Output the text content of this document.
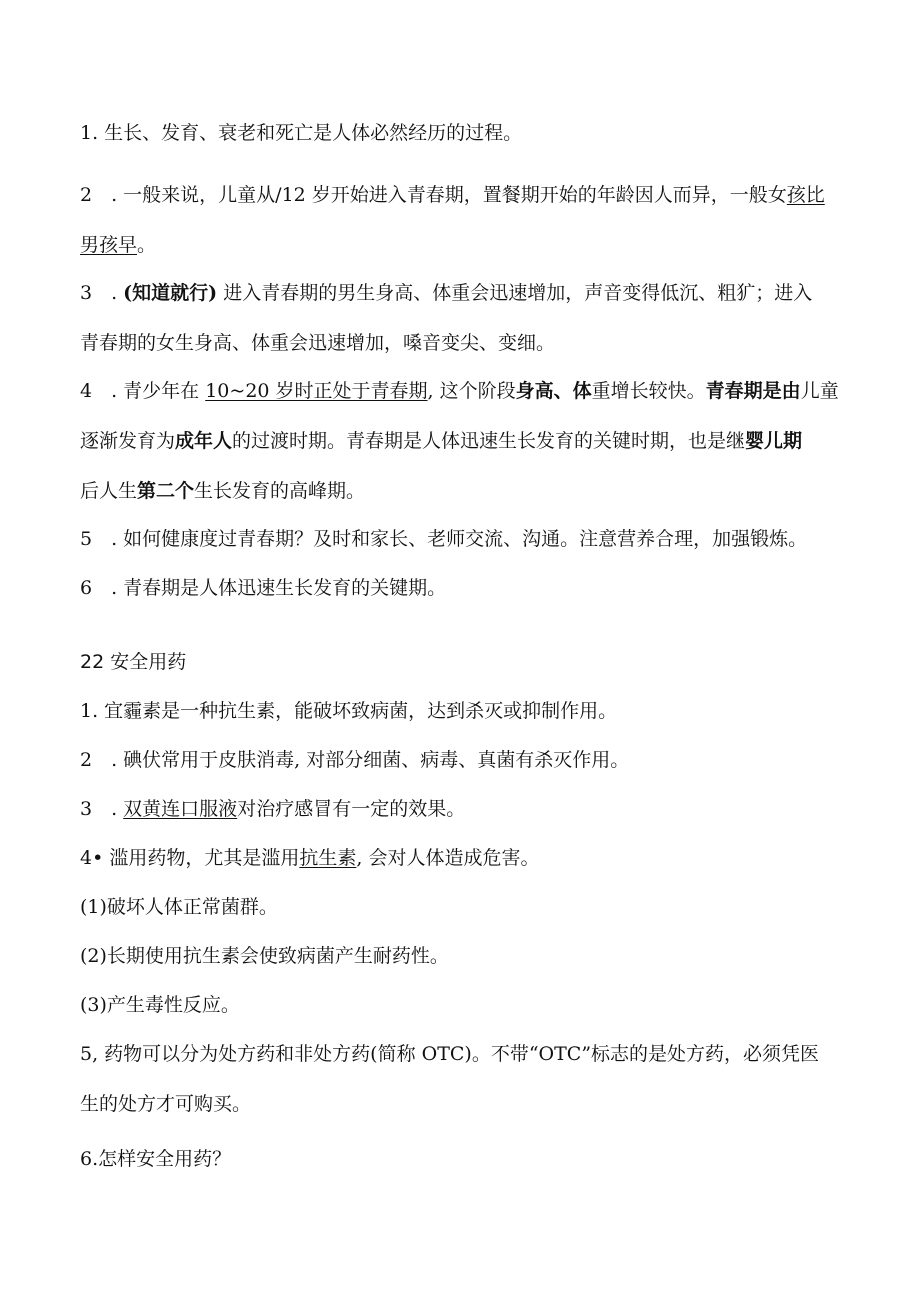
1. 生长、发育、衰老和死亡是人体必然经历的过程。
2　. 一般来说，儿童从/12 岁开始进入青春期，置餐期开始的年龄因人而异，一般女孩比
男孩早。
3　. (知道就行) 进入青春期的男生身高、体重会迅速增加，声音变得低沉、粗犷；进入
青春期的女生身高、体重会迅速增加，嗓音变尖、变细。
4　. 青少年在 10~20 岁时正处于青春期, 这个阶段身高、体重增长较快。青春期是由儿童
逐渐发育为成年人的过渡时期。青春期是人体迅速生长发育的关键时期，也是继婴儿期
后人生第二个生长发育的高峰期。
5　. 如何健康度过青春期？及时和家长、老师交流、沟通。注意营养合理，加强锻炼。
6　. 青春期是人体迅速生长发育的关键期。
22 安全用药
1. 宜霾素是一种抗生素，能破坏致病菌，达到杀灭或抑制作用。
2　. 碘伏常用于皮肤消毒, 对部分细菌、病毒、真菌有杀灭作用。
3　. 双黄连口服液对治疗感冒有一定的效果。
4• 滥用药物，尤其是滥用抗生素, 会对人体造成危害。
(1)破坏人体正常菌群。
(2)长期使用抗生素会使致病菌产生耐药性。
(3)产生毒性反应。
5, 药物可以分为处方药和非处方药(简称 OTC)。不带“OTC”标志的是处方药，必须凭医
生的处方才可购买。
6.怎样安全用药？
